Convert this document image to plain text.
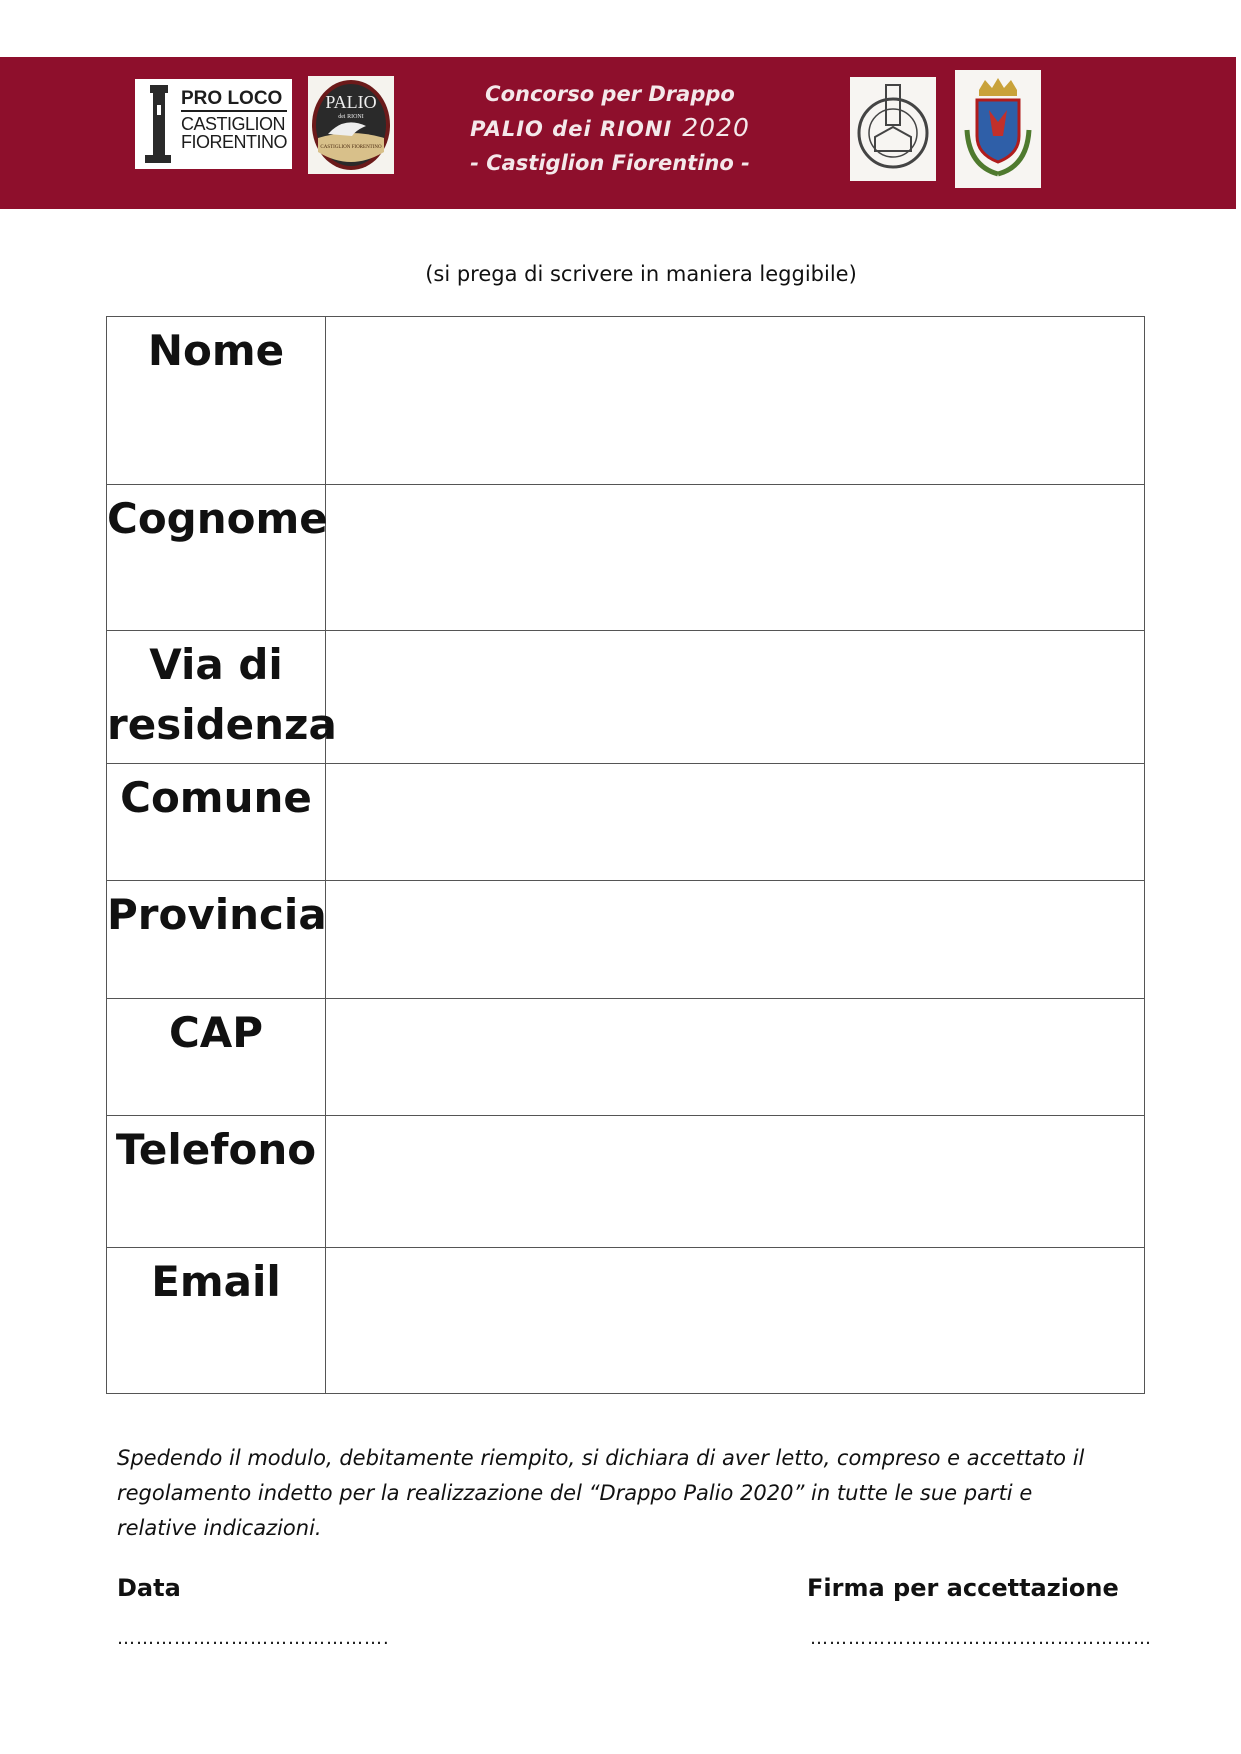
PRO LOCO
CASTIGLION
FIORENTINO
PALIO
dei RIONI
CASTIGLION FIORENTINO
Concorso per Drappo
PALIO dei RIONI 2020
- Castiglion Fiorentino -
(si prega di scrivere in maniera leggibile)
Nome	
Cognome	
Via di
residenza	
Comune	
Provincia	
CAP	
Telefono	
Email	
Spedendo il modulo, debitamente riempito, si dichiara di aver letto, compreso e accettato il regolamento indetto per la realizzazione del “Drappo Palio 2020” in tutte le sue parti e relative indicazioni.
Data	Firma per accettazione
…………………………………….	………………………………………………
